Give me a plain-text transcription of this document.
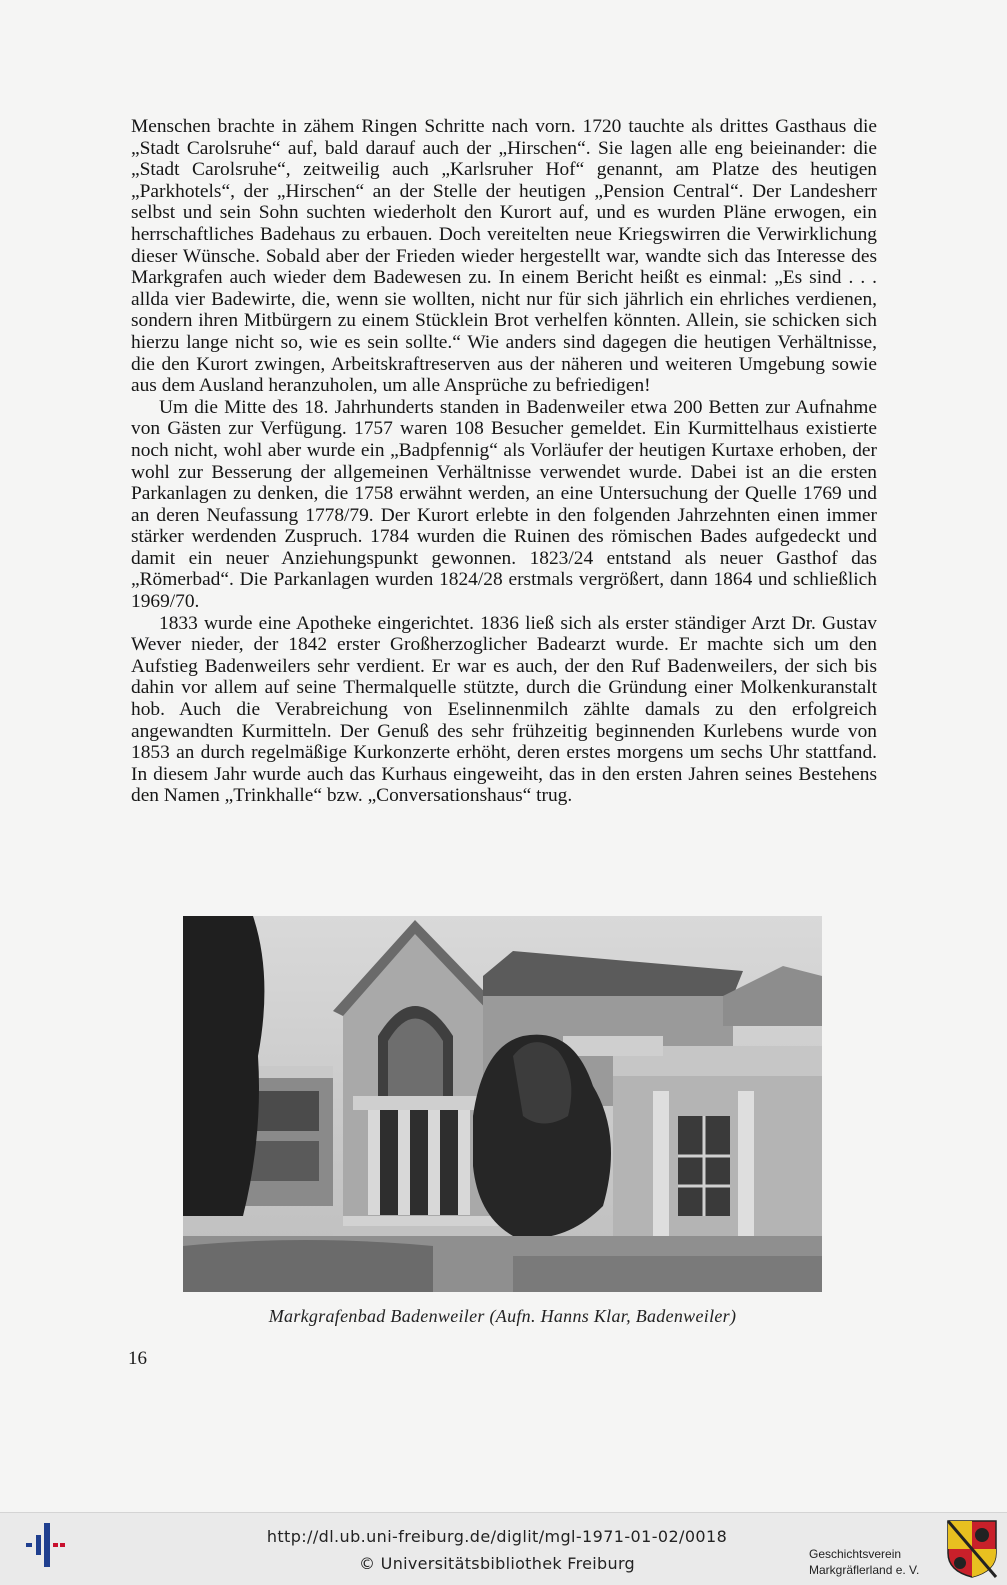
Menschen brachte in zähem Ringen Schritte nach vorn. 1720 tauchte als drittes Gasthaus die „Stadt Carolsruhe“ auf, bald darauf auch der „Hirschen“. Sie lagen alle eng beieinander: die „Stadt Carolsruhe“, zeitweilig auch „Karlsruher Hof“ genannt, am Platze des heutigen „Parkhotels“, der „Hirschen“ an der Stelle der heutigen „Pension Central“. Der Landesherr selbst und sein Sohn suchten wiederholt den Kurort auf, und es wurden Pläne erwogen, ein herrschaftliches Badehaus zu erbauen. Doch vereitelten neue Kriegswirren die Verwirklichung dieser Wünsche. Sobald aber der Frieden wieder hergestellt war, wandte sich das Interesse des Markgrafen auch wieder dem Badewesen zu. In einem Bericht heißt es einmal: „Es sind . . . allda vier Badewirte, die, wenn sie wollten, nicht nur für sich jährlich ein ehrliches verdienen, sondern ihren Mitbürgern zu einem Stücklein Brot verhelfen könnten. Allein, sie schicken sich hierzu lange nicht so, wie es sein sollte.“ Wie anders sind dagegen die heutigen Verhältnisse, die den Kurort zwingen, Arbeitskraftreserven aus der näheren und weiteren Umgebung sowie aus dem Ausland heranzuholen, um alle Ansprüche zu befriedigen!

Um die Mitte des 18. Jahrhunderts standen in Badenweiler etwa 200 Betten zur Aufnahme von Gästen zur Verfügung. 1757 waren 108 Besucher gemeldet. Ein Kurmittelhaus existierte noch nicht, wohl aber wurde ein „Badpfennig“ als Vorläufer der heutigen Kurtaxe erhoben, der wohl zur Besserung der allgemeinen Verhältnisse verwendet wurde. Dabei ist an die ersten Parkanlagen zu denken, die 1758 erwähnt werden, an eine Untersuchung der Quelle 1769 und an deren Neufassung 1778/79. Der Kurort erlebte in den folgenden Jahrzehnten einen immer stärker werdenden Zuspruch. 1784 wurden die Ruinen des römischen Bades aufgedeckt und damit ein neuer Anziehungspunkt gewonnen. 1823/24 entstand als neuer Gasthof das „Römerbad“. Die Parkanlagen wurden 1824/28 erstmals vergrößert, dann 1864 und schließlich 1969/70.

1833 wurde eine Apotheke eingerichtet. 1836 ließ sich als erster ständiger Arzt Dr. Gustav Wever nieder, der 1842 erster Großherzoglicher Badearzt wurde. Er machte sich um den Aufstieg Badenweilers sehr verdient. Er war es auch, der den Ruf Badenweilers, der sich bis dahin vor allem auf seine Thermalquelle stützte, durch die Gründung einer Molkenkuranstalt hob. Auch die Verabreichung von Eselinnenmilch zählte damals zu den erfolgreich angewandten Kurmitteln. Der Genuß des sehr frühzeitig beginnenden Kurlebens wurde von 1853 an durch regelmäßige Kurkonzerte erhöht, deren erstes morgens um sechs Uhr stattfand. In diesem Jahr wurde auch das Kurhaus eingeweiht, das in den ersten Jahren seines Bestehens den Namen „Trinkhalle“ bzw. „Conversationshaus“ trug.

Markgrafenbad Badenweiler (Aufn. Hanns Klar, Badenweiler)
16
http://dl.ub.uni-freiburg.de/diglit/mgl-1971-01-02/0018
© Universitätsbibliothek Freiburg	Geschichtsverein
Markgräflerland e. V.
